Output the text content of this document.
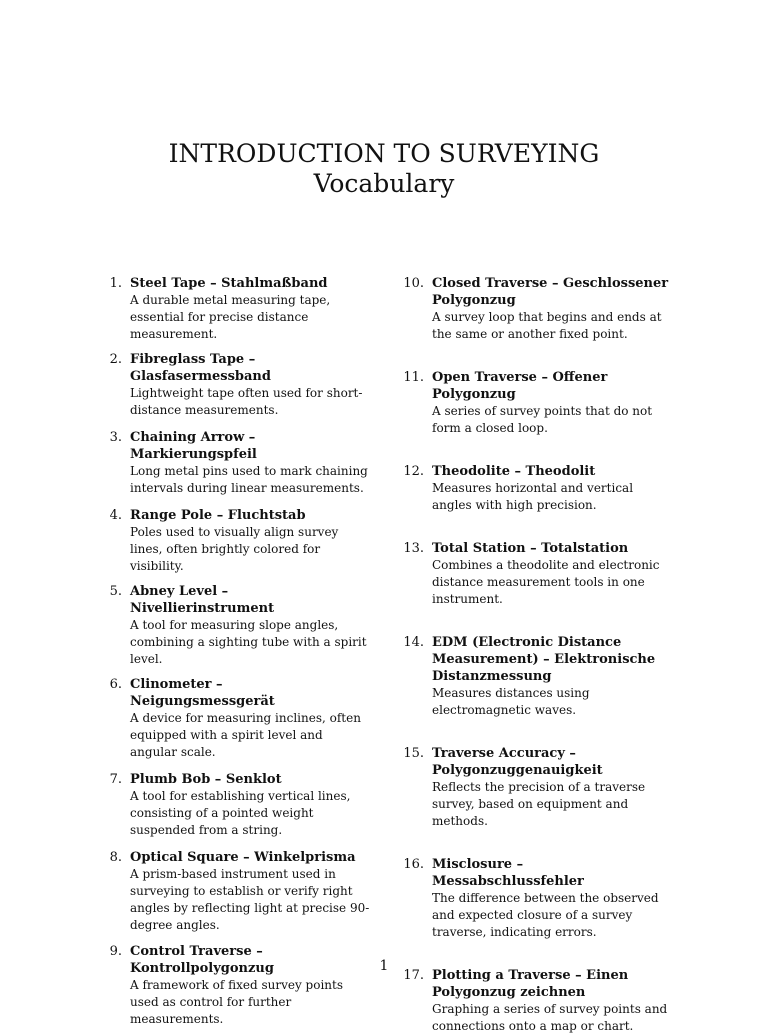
INTRODUCTION TO SURVEYING
Vocabulary
1. Steel Tape – Stahlmaßband
A durable metal measuring tape, essential for precise distance measurement.
2. Fibreglass Tape – Glasfasermessband
Lightweight tape often used for short-distance measurements.
3. Chaining Arrow – Markierungspfeil
Long metal pins used to mark chaining intervals during linear measurements.
4. Range Pole – Fluchtstab
Poles used to visually align survey lines, often brightly colored for visibility.
5. Abney Level – Nivellierinstrument
A tool for measuring slope angles, combining a sighting tube with a spirit level.
6. Clinometer – Neigungsmessgerät
A device for measuring inclines, often equipped with a spirit level and angular scale.
7. Plumb Bob – Senklot
A tool for establishing vertical lines, consisting of a pointed weight suspended from a string.
8. Optical Square – Winkelprisma
A prism-based instrument used in surveying to establish or verify right angles by reflecting light at precise 90-degree angles.
9. Control Traverse – Kontrollpolygonzug
A framework of fixed survey points used as control for further measurements.
10. Closed Traverse – Geschlossener Polygonzug
A survey loop that begins and ends at the same or another fixed point.
11. Open Traverse – Offener Polygonzug
A series of survey points that do not form a closed loop.
12. Theodolite – Theodolit
Measures horizontal and vertical angles with high precision.
13. Total Station – Totalstation
Combines a theodolite and electronic distance measurement tools in one instrument.
14. EDM (Electronic Distance Measurement) – Elektronische Distanzmessung
Measures distances using electromagnetic waves.
15. Traverse Accuracy – Polygonzuggenauigkeit
Reflects the precision of a traverse survey, based on equipment and methods.
16. Misclosure – Messabschlussfehler
The difference between the observed and expected closure of a survey traverse, indicating errors.
17. Plotting a Traverse – Einen Polygonzug zeichnen
Graphing a series of survey points and connections onto a map or chart.
1
